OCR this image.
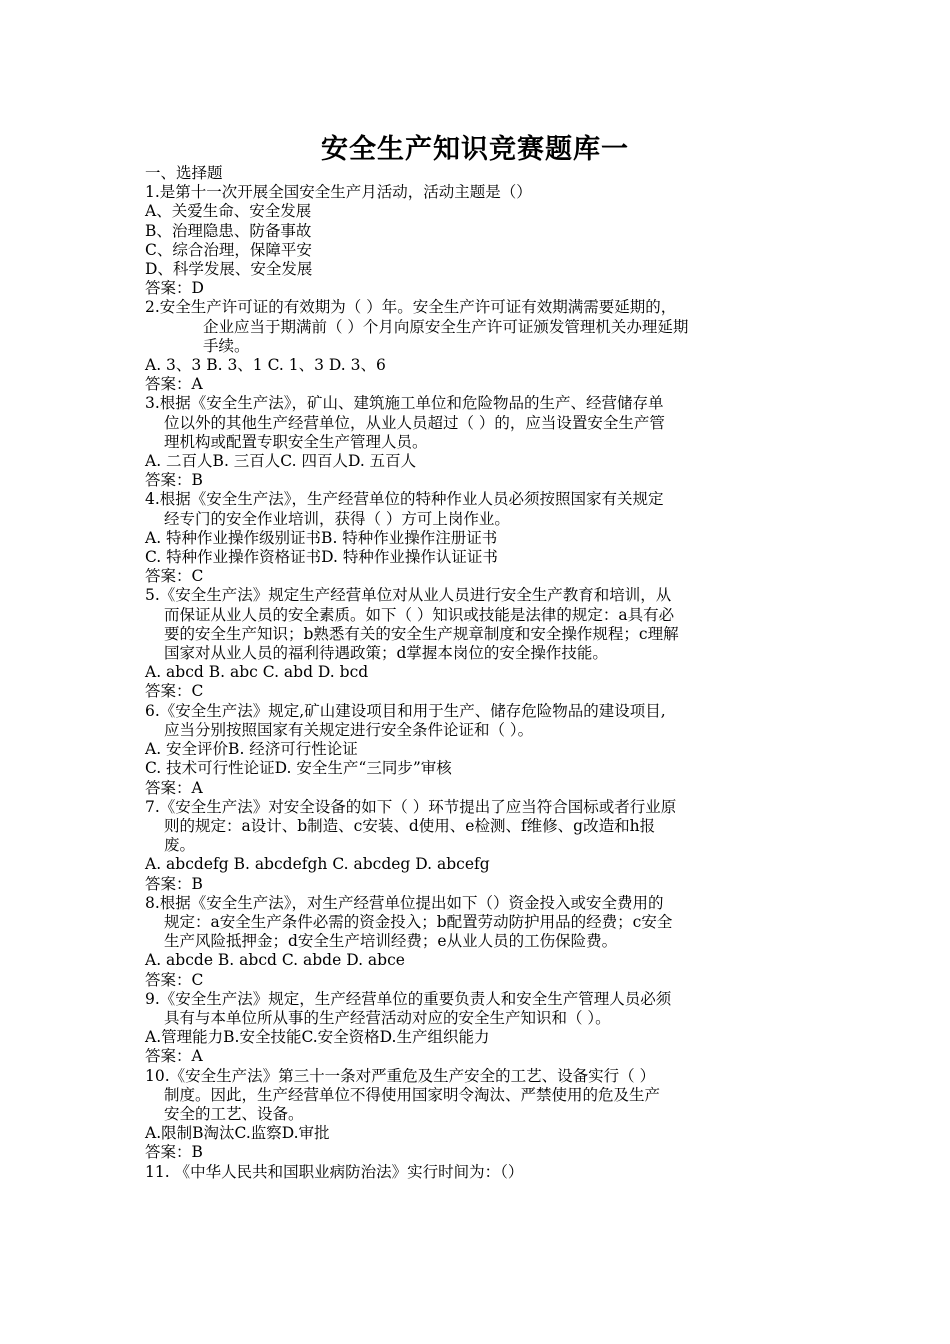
安全生产知识竞赛题库一

一、选择题

1.是第十一次开展全国安全生产月活动，活动主题是（）

A、关爱生命、安全发展

B、治理隐患、防备事故

C、综合治理，保障平安

D、科学发展、安全发展

答案：D

2.安全生产许可证的有效期为（ ）年。安全生产许可证有效期满需要延期的，

企业应当于期满前（ ）个月向原安全生产许可证颁发管理机关办理延期

手续。

A. 3、3 B. 3、1 C. 1、3 D. 3、6

答案：A

3.根据《安全生产法》，矿山、建筑施工单位和危险物品的生产、经营储存单

位以外的其他生产经营单位，从业人员超过（ ）的，应当设置安全生产管

理机构或配置专职安全生产管理人员。

A. 二百人B. 三百人C. 四百人D. 五百人

答案：B

4.根据《安全生产法》，生产经营单位的特种作业人员必须按照国家有关规定

经专门的安全作业培训，获得（ ）方可上岗作业。

A. 特种作业操作级别证书B. 特种作业操作注册证书

C. 特种作业操作资格证书D. 特种作业操作认证证书

答案：C

5.《安全生产法》规定生产经营单位对从业人员进行安全生产教育和培训，从

而保证从业人员的安全素质。如下（ ）知识或技能是法律的规定：a具有必

要的安全生产知识；b熟悉有关的安全生产规章制度和安全操作规程；c理解

国家对从业人员的福利待遇政策；d掌握本岗位的安全操作技能。

A. abcd B. abc C. abd D. bcd

答案：C

6.《安全生产法》规定,矿山建设项目和用于生产、储存危险物品的建设项目,

应当分别按照国家有关规定进行安全条件论证和（ ）。

A. 安全评价B. 经济可行性论证

C. 技术可行性论证D. 安全生产“三同步”审核

答案：A

7.《安全生产法》对安全设备的如下（ ）环节提出了应当符合国标或者行业原

则的规定：a设计、b制造、c安装、d使用、e检测、f维修、g改造和h报

废。

A. abcdefg B. abcdefgh C. abcdeg D. abcefg

答案：B

8.根据《安全生产法》，对生产经营单位提出如下（）资金投入或安全费用的

规定：a安全生产条件必需的资金投入；b配置劳动防护用品的经费；c安全

生产风险抵押金；d安全生产培训经费；e从业人员的工伤保险费。

A. abcde B. abcd C. abde D. abce

答案：C

9.《安全生产法》规定，生产经营单位的重要负责人和安全生产管理人员必须

具有与本单位所从事的生产经营活动对应的安全生产知识和（ ）。

A.管理能力B.安全技能C.安全资格D.生产组织能力

答案：A

10.《安全生产法》第三十一条对严重危及生产安全的工艺、设备实行（ ）

制度。因此，生产经营单位不得使用国家明令淘汰、严禁使用的危及生产

安全的工艺、设备。

A.限制B淘汰C.监察D.审批

答案：B

11. 《中华人民共和国职业病防治法》实行时间为：（）
